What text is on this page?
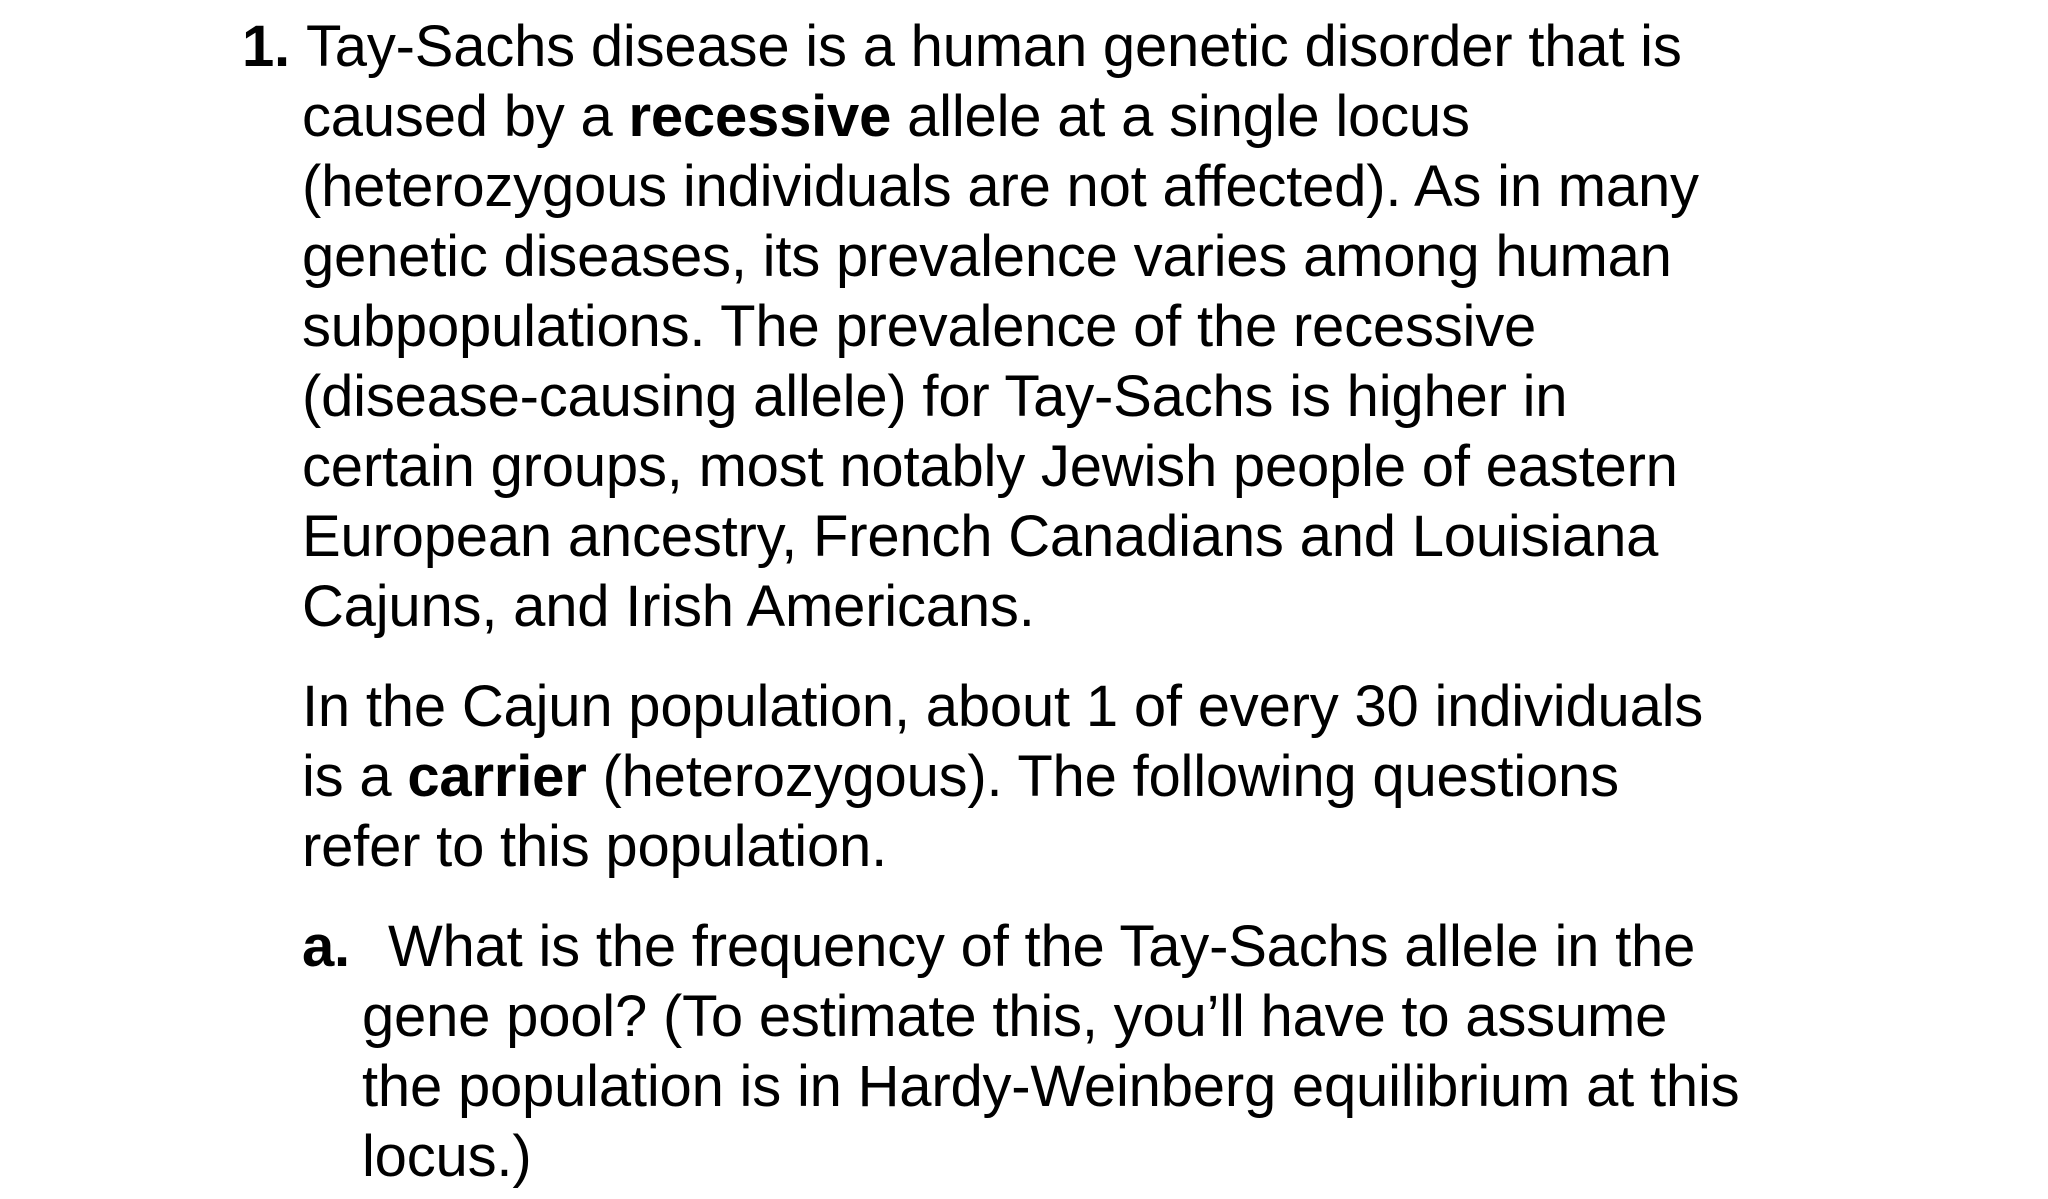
1. Tay-Sachs disease is a human genetic disorder that is
caused by a recessive allele at a single locus
(heterozygous individuals are not affected). As in many
genetic diseases, its prevalence varies among human
subpopulations. The prevalence of the recessive
(disease-causing allele) for Tay-Sachs is higher in
certain groups, most notably Jewish people of eastern
European ancestry, French Canadians and Louisiana
Cajuns, and Irish Americans.
In the Cajun population, about 1 of every 30 individuals
is a carrier (heterozygous). The following questions
refer to this population.
a. What is the frequency of the Tay-Sachs allele in the
gene pool? (To estimate this, you’ll have to assume
the population is in Hardy-Weinberg equilibrium at this
locus.)
